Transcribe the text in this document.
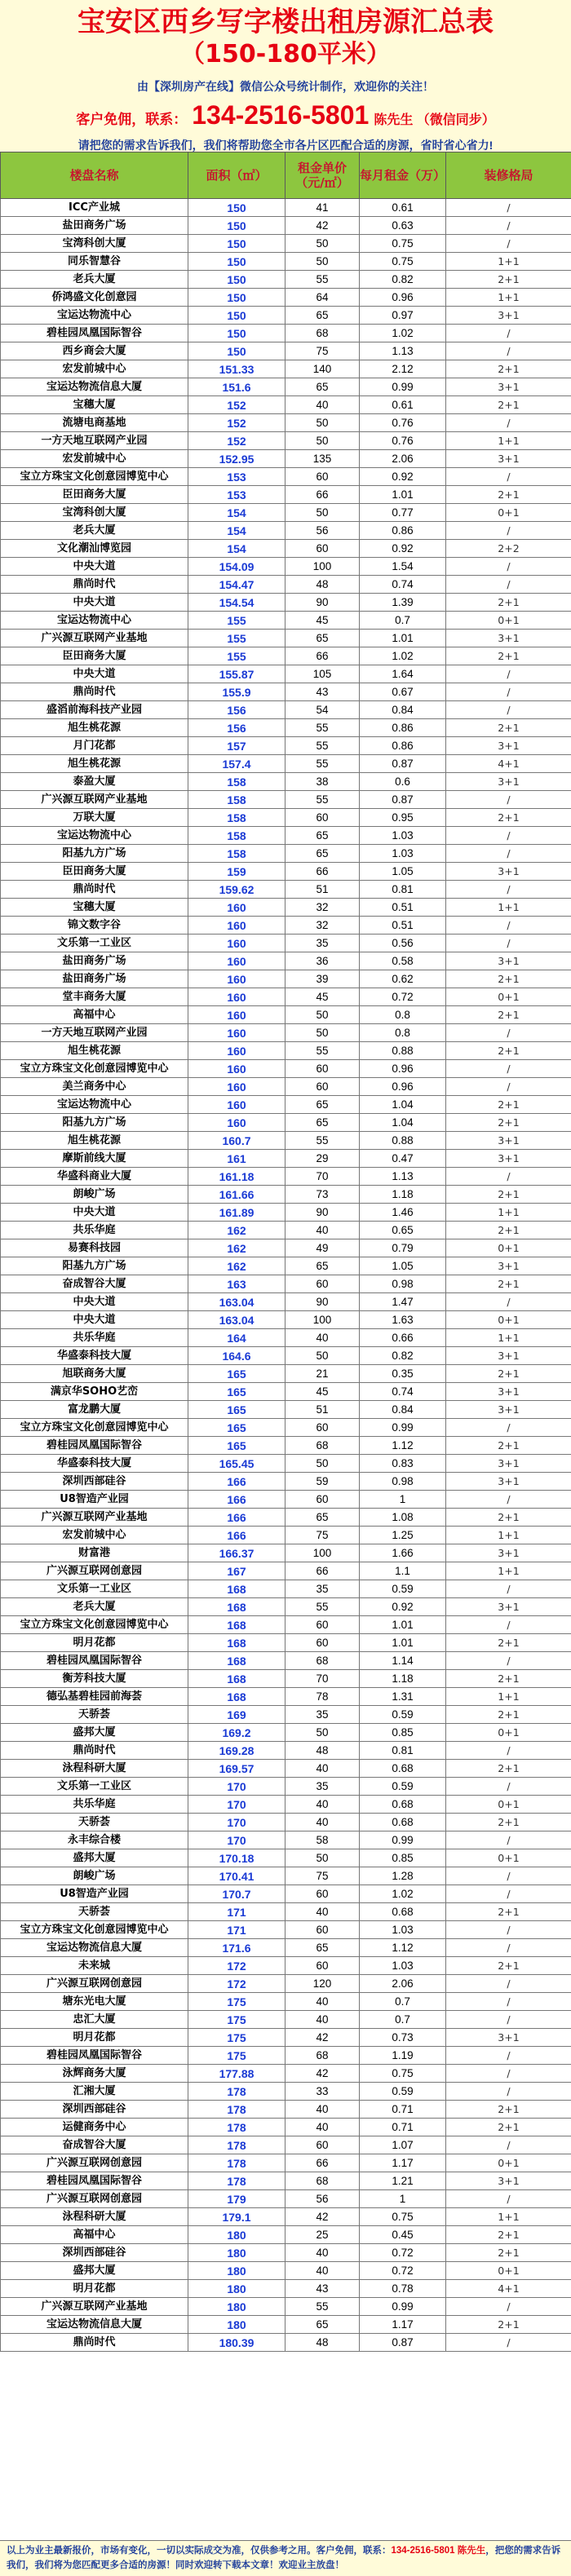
宝安区西乡写字楼出租房源汇总表
（150-180平米）
由【深圳房产在线】微信公众号统计制作，欢迎你的关注！
客户免佣，联系： 134-2516-5801 陈先生 （微信同步）
请把您的需求告诉我们，我们将帮助您全市各片区匹配合适的房源，省时省心省力!
楼盘名称	面积（㎡）	租金单价（元/㎡）	每月租金（万）	装修格局
ICC产业城	150	41	0.61	/
盐田商务广场	150	42	0.63	/
宝湾科创大厦	150	50	0.75	/
同乐智慧谷	150	50	0.75	1+1
老兵大厦	150	55	0.82	2+1
侨鸿盛文化创意园	150	64	0.96	1+1
宝运达物流中心	150	65	0.97	3+1
碧桂园凤凰国际智谷	150	68	1.02	/
西乡商会大厦	150	75	1.13	/
宏发前城中心	151.33	140	2.12	2+1
宝运达物流信息大厦	151.6	65	0.99	3+1
宝穗大厦	152	40	0.61	2+1
流塘电商基地	152	50	0.76	/
一方天地互联网产业园	152	50	0.76	1+1
宏发前城中心	152.95	135	2.06	3+1
宝立方珠宝文化创意园博览中心	153	60	0.92	/
臣田商务大厦	153	66	1.01	2+1
宝湾科创大厦	154	50	0.77	0+1
老兵大厦	154	56	0.86	/
文化潮汕博览园	154	60	0.92	2+2
中央大道	154.09	100	1.54	/
鼎尚时代	154.47	48	0.74	/
中央大道	154.54	90	1.39	2+1
宝运达物流中心	155	45	0.7	0+1
广兴源互联网产业基地	155	65	1.01	3+1
臣田商务大厦	155	66	1.02	2+1
中央大道	155.87	105	1.64	/
鼎尚时代	155.9	43	0.67	/
盛滔前海科技产业园	156	54	0.84	/
旭生桃花源	156	55	0.86	2+1
月门花都	157	55	0.86	3+1
旭生桃花源	157.4	55	0.87	4+1
泰盈大厦	158	38	0.6	3+1
广兴源互联网产业基地	158	55	0.87	/
万联大厦	158	60	0.95	2+1
宝运达物流中心	158	65	1.03	/
阳基九方广场	158	65	1.03	/
臣田商务大厦	159	66	1.05	3+1
鼎尚时代	159.62	51	0.81	/
宝穗大厦	160	32	0.51	1+1
锦文数字谷	160	32	0.51	/
文乐第一工业区	160	35	0.56	/
盐田商务广场	160	36	0.58	3+1
盐田商务广场	160	39	0.62	2+1
堂丰商务大厦	160	45	0.72	0+1
高福中心	160	50	0.8	2+1
一方天地互联网产业园	160	50	0.8	/
旭生桃花源	160	55	0.88	2+1
宝立方珠宝文化创意园博览中心	160	60	0.96	/
美兰商务中心	160	60	0.96	/
宝运达物流中心	160	65	1.04	2+1
阳基九方广场	160	65	1.04	2+1
旭生桃花源	160.7	55	0.88	3+1
摩斯前线大厦	161	29	0.47	3+1
华盛科商业大厦	161.18	70	1.13	/
朗峻广场	161.66	73	1.18	2+1
中央大道	161.89	90	1.46	1+1
共乐华庭	162	40	0.65	2+1
易赛科技园	162	49	0.79	0+1
阳基九方广场	162	65	1.05	3+1
奋成智谷大厦	163	60	0.98	2+1
中央大道	163.04	90	1.47	/
中央大道	163.04	100	1.63	0+1
共乐华庭	164	40	0.66	1+1
华盛泰科技大厦	164.6	50	0.82	3+1
旭联商务大厦	165	21	0.35	2+1
满京华SOHO艺峦	165	45	0.74	3+1
富龙鹏大厦	165	51	0.84	3+1
宝立方珠宝文化创意园博览中心	165	60	0.99	/
碧桂园凤凰国际智谷	165	68	1.12	2+1
华盛泰科技大厦	165.45	50	0.83	3+1
深圳西部硅谷	166	59	0.98	3+1
U8智造产业园	166	60	1	/
广兴源互联网产业基地	166	65	1.08	2+1
宏发前城中心	166	75	1.25	1+1
财富港	166.37	100	1.66	3+1
广兴源互联网创意园	167	66	1.1	1+1
文乐第一工业区	168	35	0.59	/
老兵大厦	168	55	0.92	3+1
宝立方珠宝文化创意园博览中心	168	60	1.01	/
明月花都	168	60	1.01	2+1
碧桂园凤凰国际智谷	168	68	1.14	/
衡芳科技大厦	168	70	1.18	2+1
德弘基碧桂园前海荟	168	78	1.31	1+1
天骄荟	169	35	0.59	2+1
盛邦大厦	169.2	50	0.85	0+1
鼎尚时代	169.28	48	0.81	/
泳程科研大厦	169.57	40	0.68	2+1
文乐第一工业区	170	35	0.59	/
共乐华庭	170	40	0.68	0+1
天骄荟	170	40	0.68	2+1
永丰综合楼	170	58	0.99	/
盛邦大厦	170.18	50	0.85	0+1
朗峻广场	170.41	75	1.28	/
U8智造产业园	170.7	60	1.02	/
天骄荟	171	40	0.68	2+1
宝立方珠宝文化创意园博览中心	171	60	1.03	/
宝运达物流信息大厦	171.6	65	1.12	/
未来城	172	60	1.03	2+1
广兴源互联网创意园	172	120	2.06	/
塘东光电大厦	175	40	0.7	/
忠汇大厦	175	40	0.7	/
明月花都	175	42	0.73	3+1
碧桂园凤凰国际智谷	175	68	1.19	/
泳辉商务大厦	177.88	42	0.75	/
汇湘大厦	178	33	0.59	/
深圳西部硅谷	178	40	0.71	2+1
运健商务中心	178	40	0.71	2+1
奋成智谷大厦	178	60	1.07	/
广兴源互联网创意园	178	66	1.17	0+1
碧桂园凤凰国际智谷	178	68	1.21	3+1
广兴源互联网创意园	179	56	1	/
泳程科研大厦	179.1	42	0.75	1+1
高福中心	180	25	0.45	2+1
深圳西部硅谷	180	40	0.72	2+1
盛邦大厦	180	40	0.72	0+1
明月花都	180	43	0.78	4+1
广兴源互联网产业基地	180	55	0.99	/
宝运达物流信息大厦	180	65	1.17	2+1
鼎尚时代	180.39	48	0.87	/
以上为业主最新报价，市场有变化，一切以实际成交为准，仅供参考之用。客户免佣，联系：134-2516-5801 陈先生，把您的需求告诉我们，我们将为您匹配更多合适的房源！同时欢迎转下载本文章！欢迎业主放盘！
